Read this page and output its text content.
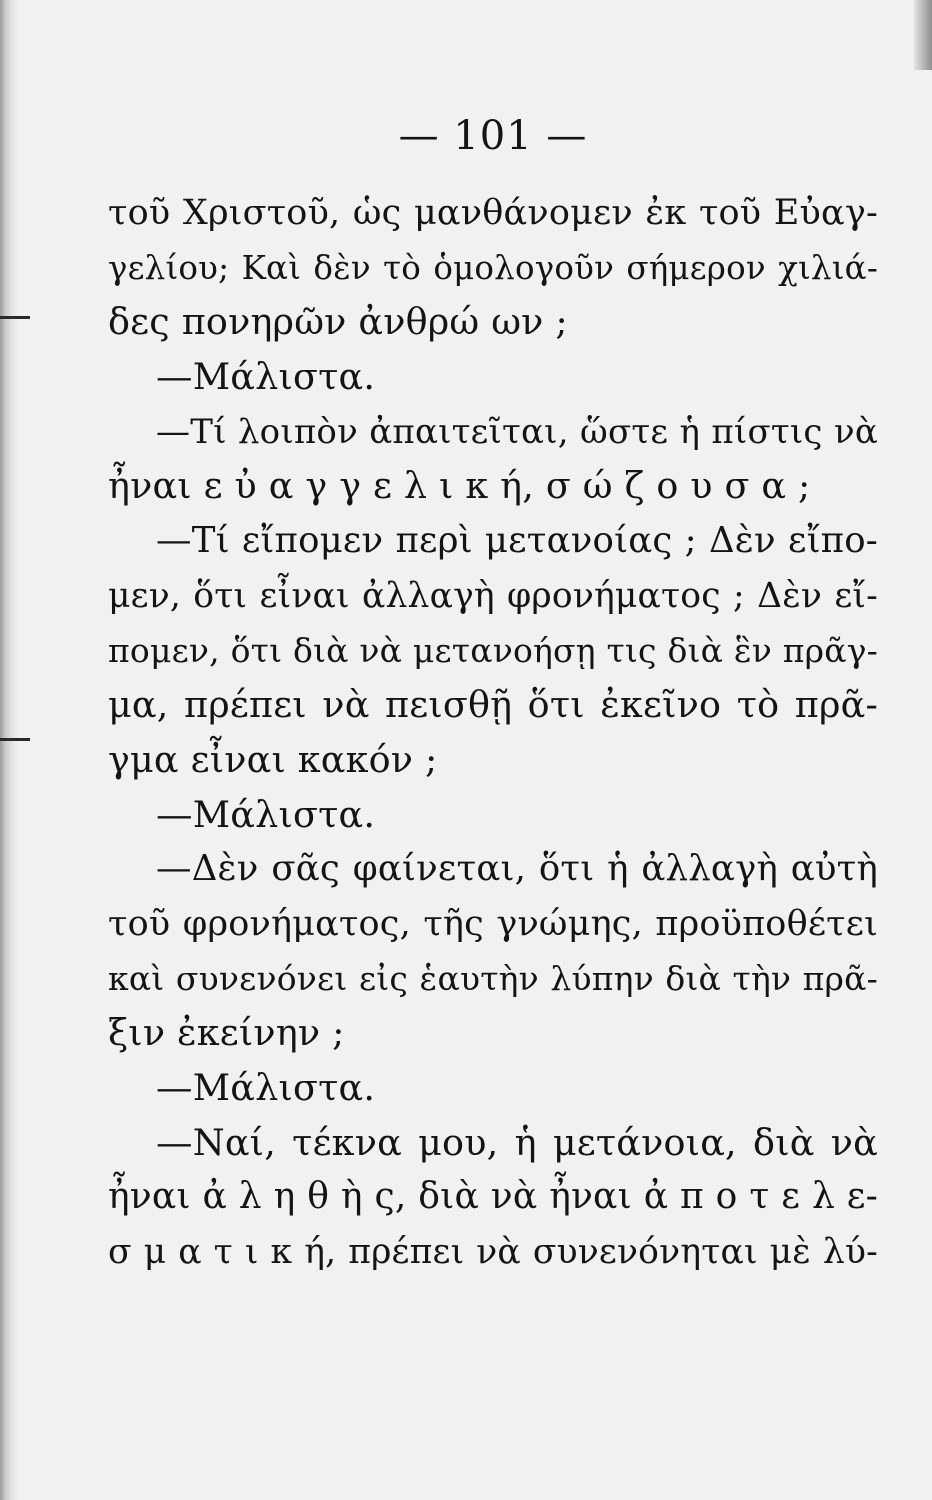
— 101 —
τοῦ Χριστοῦ, ὡς μανθάνομεν ἐκ τοῦ Εὐαγ-
γελίου; Καὶ δὲν τὸ ὁμολογοῦν σήμερον χιλιά-
δες πονηρῶν ἀνθρώ ων ;
—Μάλιστα.
—Τί λοιπὸν ἀπαιτεῖται, ὥστε ἡ πίστις νὰ
ἦναι ε ὐ α γ γ ε λ ι κ ή, σ ώ ζ ο υ σ α ;
—Τί εἴπομεν περὶ μετανοίας ; Δὲν εἴπο-
μεν, ὅτι εἶναι ἀλλαγὴ φρονήματος ; Δὲν εἴ-
πομεν, ὅτι διὰ νὰ μετανοήσῃ τις διὰ ἓν πρᾶγ-
μα, πρέπει νὰ πεισθῇ ὅτι ἐκεῖνο τὸ πρᾶ-
γμα εἶναι κακόν ;
—Μάλιστα.
—Δὲν σᾶς φαίνεται, ὅτι ἡ ἀλλαγὴ αὐτὴ
τοῦ φρονήματος, τῆς γνώμης, προϋποθέτει
καὶ συνενόνει εἰς ἑαυτὴν λύπην διὰ τὴν πρᾶ-
ξιν ἐκείνην ;
—Μάλιστα.
—Ναί, τέκνα μου, ἡ μετάνοια, διὰ νὰ
ἦναι ἀ λ η θ ὴ ς, διὰ νὰ ἦναι ἀ π ο τ ε λ ε-
σ μ α τ ι κ ή, πρέπει νὰ συνενόνηται μὲ λύ-
